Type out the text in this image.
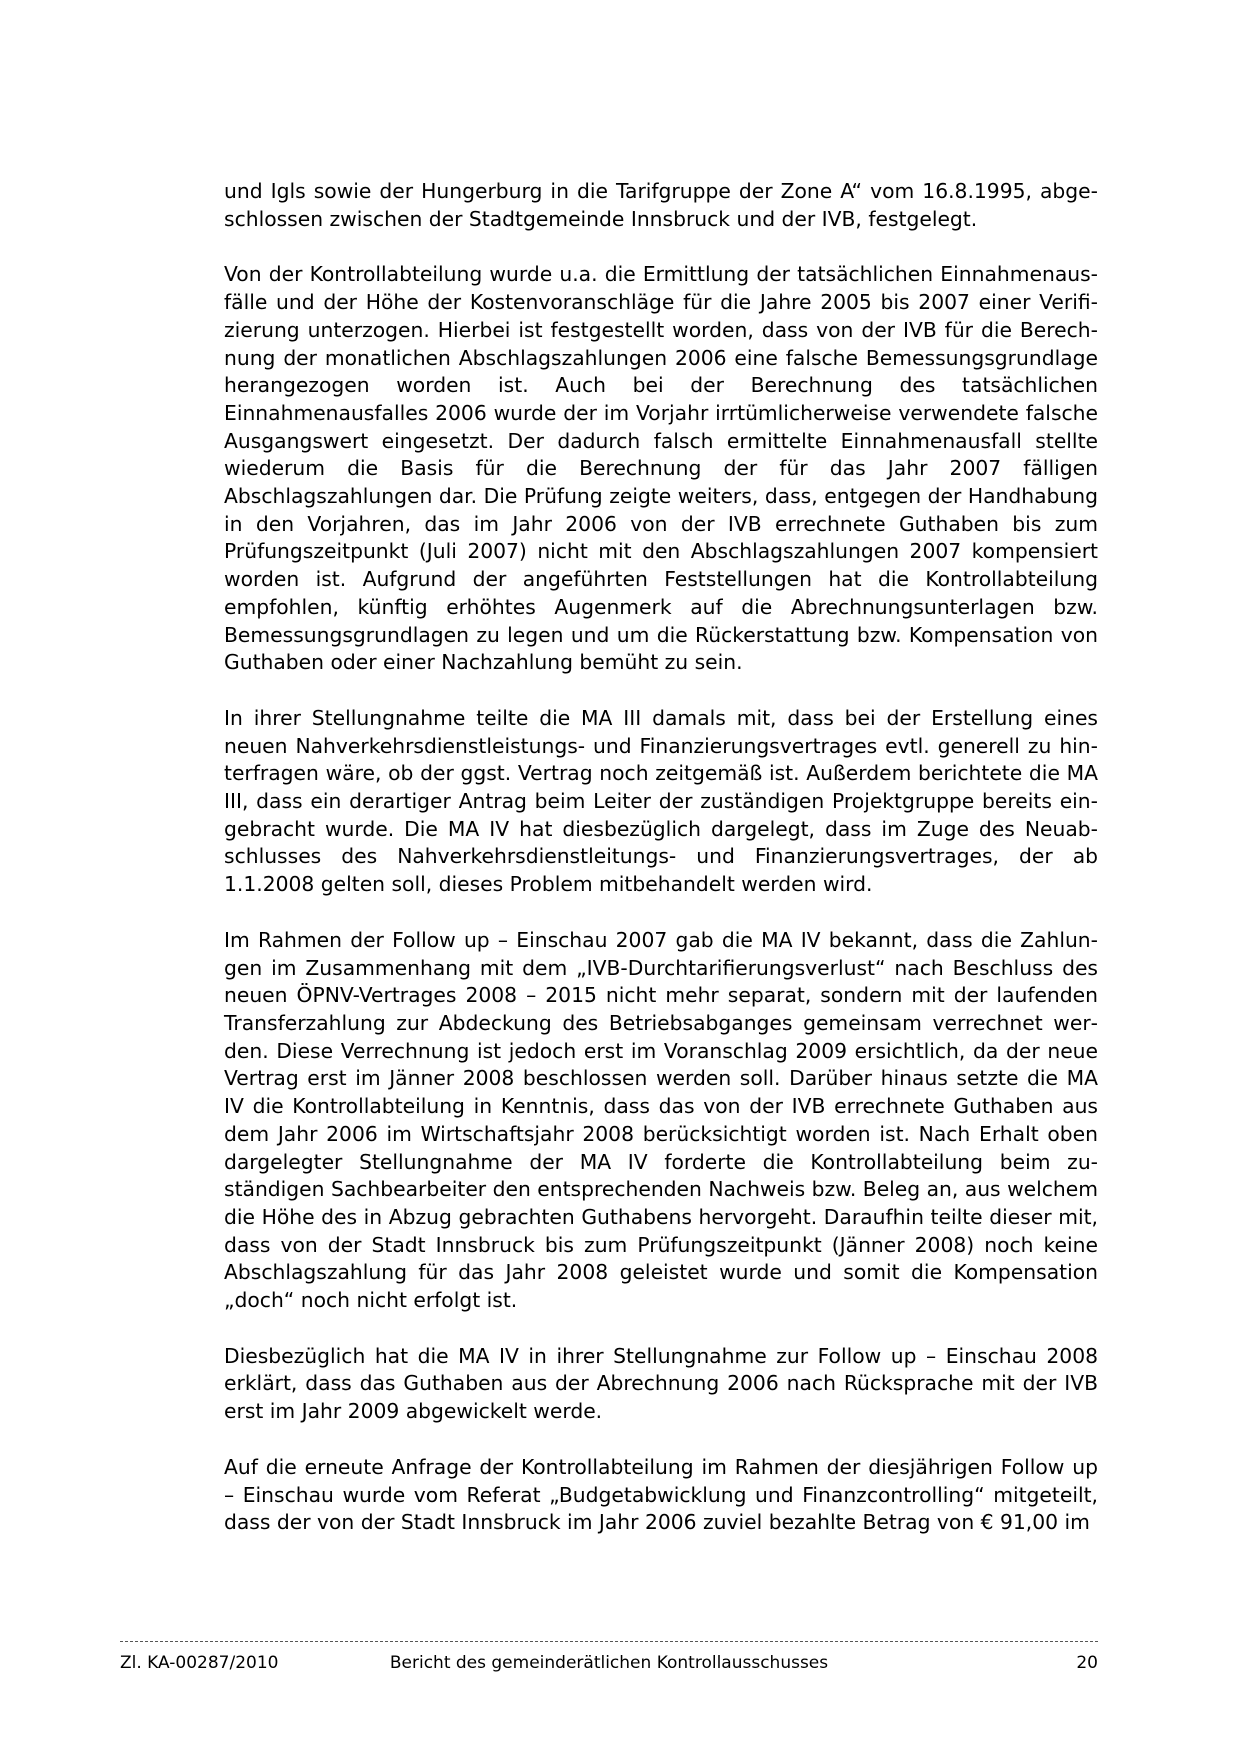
und Igls sowie der Hungerburg in die Tarifgruppe der Zone A“ vom 16.8.1995, abgeschlossen zwischen der Stadtgemeinde Innsbruck und der IVB, festgelegt.

Von der Kontrollabteilung wurde u.a. die Ermittlung der tatsächlichen Einnahmenausfälle und der Höhe der Kostenvoranschläge für die Jahre 2005 bis 2007 einer Verifizierung unterzogen. Hierbei ist festgestellt worden, dass von der IVB für die Berechnung der monatlichen Abschlagszahlungen 2006 eine falsche Bemessungsgrundlage herangezogen worden ist. Auch bei der Berechnung des tatsächlichen Einnahmenausfalles 2006 wurde der im Vorjahr irrtümlicherweise verwendete falsche Ausgangswert eingesetzt. Der dadurch falsch ermittelte Einnahmenausfall stellte wiederum die Basis für die Berechnung der für das Jahr 2007 fälligen Abschlagszahlungen dar. Die Prüfung zeigte weiters, dass, entgegen der Handhabung in den Vorjahren, das im Jahr 2006 von der IVB errechnete Guthaben bis zum Prüfungszeitpunkt (Juli 2007) nicht mit den Abschlagszahlungen 2007 kompensiert worden ist. Aufgrund der angeführten Feststellungen hat die Kontrollabteilung empfohlen, künftig erhöhtes Augenmerk auf die Abrechnungsunterlagen bzw. Bemessungsgrundlagen zu legen und um die Rückerstattung bzw. Kompensation von Guthaben oder einer Nachzahlung bemüht zu sein.

In ihrer Stellungnahme teilte die MA III damals mit, dass bei der Erstellung eines neuen Nahverkehrsdienstleistungs- und Finanzierungsvertrages evtl. generell zu hinterfragen wäre, ob der ggst. Vertrag noch zeitgemäß ist. Außerdem berichtete die MA III, dass ein derartiger Antrag beim Leiter der zuständigen Projektgruppe bereits eingebracht wurde. Die MA IV hat diesbezüglich dargelegt, dass im Zuge des Neuabschlusses des Nahverkehrsdienstleitungs- und Finanzierungsvertrages, der ab 1.1.2008 gelten soll, dieses Problem mitbehandelt werden wird.

Im Rahmen der Follow up – Einschau 2007 gab die MA IV bekannt, dass die Zahlungen im Zusammenhang mit dem „IVB-Durchtarifierungsverlust“ nach Beschluss des neuen ÖPNV-Vertrages 2008 – 2015 nicht mehr separat, sondern mit der laufenden Transferzahlung zur Abdeckung des Betriebsabganges gemeinsam verrechnet werden. Diese Verrechnung ist jedoch erst im Voranschlag 2009 ersichtlich, da der neue Vertrag erst im Jänner 2008 beschlossen werden soll. Darüber hinaus setzte die MA IV die Kontrollabteilung in Kenntnis, dass das von der IVB errechnete Guthaben aus dem Jahr 2006 im Wirtschaftsjahr 2008 berücksichtigt worden ist. Nach Erhalt oben dargelegter Stellungnahme der MA IV forderte die Kontrollabteilung beim zuständigen Sachbearbeiter den entsprechenden Nachweis bzw. Beleg an, aus welchem die Höhe des in Abzug gebrachten Guthabens hervorgeht. Daraufhin teilte dieser mit, dass von der Stadt Innsbruck bis zum Prüfungszeitpunkt (Jänner 2008) noch keine Abschlagszahlung für das Jahr 2008 geleistet wurde und somit die Kompensation „doch“ noch nicht erfolgt ist.

Diesbezüglich hat die MA IV in ihrer Stellungnahme zur Follow up – Einschau 2008 erklärt, dass das Guthaben aus der Abrechnung 2006 nach Rücksprache mit der IVB erst im Jahr 2009 abgewickelt werde.

Auf die erneute Anfrage der Kontrollabteilung im Rahmen der diesjährigen Follow up – Einschau wurde vom Referat „Budgetabwicklung und Finanzcontrolling“ mitgeteilt, dass der von der Stadt Innsbruck im Jahr 2006 zuviel bezahlte Betrag von € 91,00 im

Zl. KA-00287/2010	Bericht des gemeinderätlichen Kontrollausschusses	20
